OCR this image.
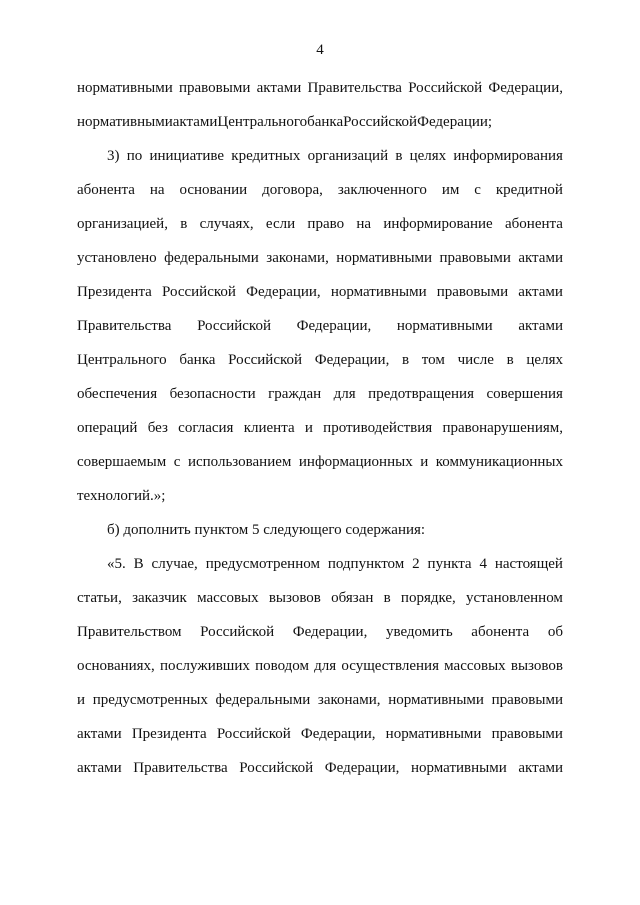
4
нормативными правовыми актами Правительства Российской Федерации,
нормативными актами Центрального банка Российской Федерации;
3) по инициативе кредитных организаций в целях информирования
абонента на основании договора, заключенного им с кредитной
организацией, в случаях, если право на информирование абонента
установлено федеральными законами, нормативными правовыми актами
Президента Российской Федерации, нормативными правовыми актами
Правительства Российской Федерации, нормативными актами
Центрального банка Российской Федерации, в том числе в целях
обеспечения безопасности граждан для предотвращения совершения
операций без согласия клиента и противодействия правонарушениям,
совершаемым с использованием информационных и коммуникационных
технологий.»;
б) дополнить пунктом 5 следующего содержания:
«5. В случае, предусмотренном подпунктом 2 пункта 4 настоящей
статьи, заказчик массовых вызовов обязан в порядке, установленном
Правительством Российской Федерации, уведомить абонента об
основаниях, послуживших поводом для осуществления массовых вызовов
и предусмотренных федеральными законами, нормативными правовыми
актами Президента Российской Федерации, нормативными правовыми
актами Правительства Российской Федерации, нормативными актами
